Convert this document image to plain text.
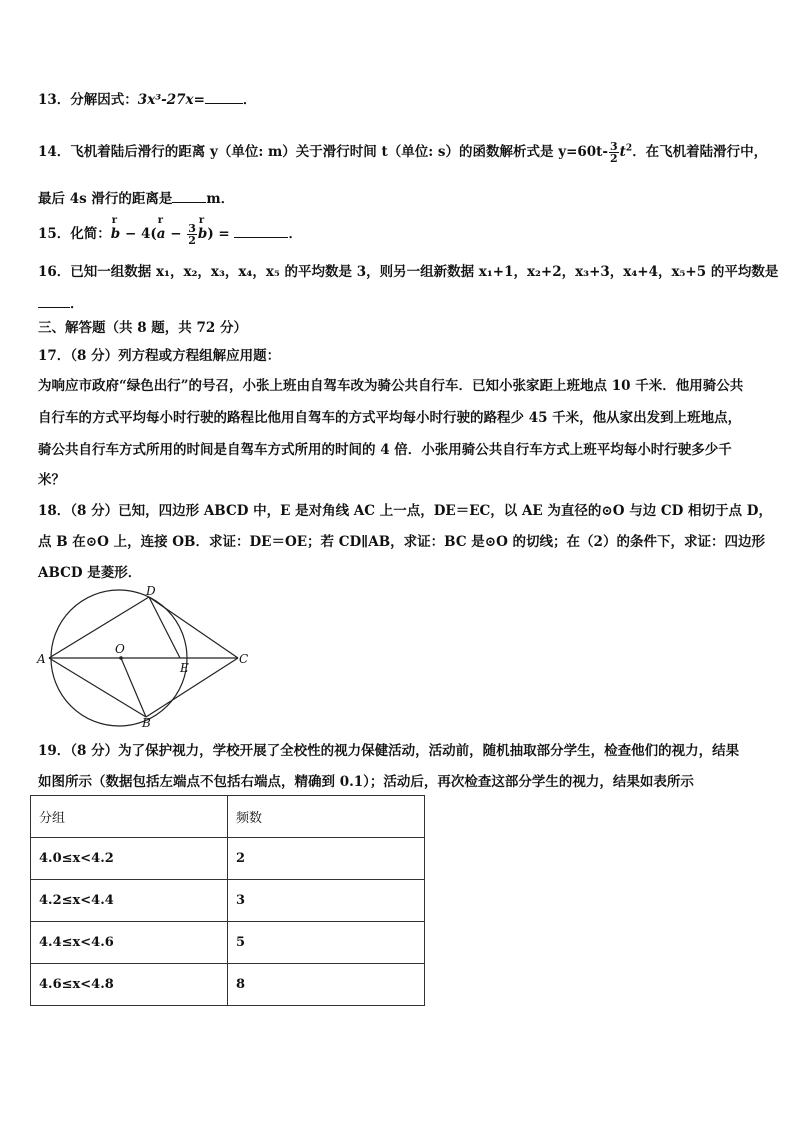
13．分解因式：3x³-27x=	．
14．飞机着陆后滑行的距离 y（单位: m）关于滑行时间 t（单位: s）的函数解析式是 $y=60t- \frac{3}{2} t^2$．在飞机着陆滑行中，
最后 4s 滑行的距离是	m．
15．化简：
r
b − 4(
r
$a - \frac{3}{2}$
r
b) =	．
16．已知一组数据 x₁，x₂，x₃，x₄，x₅ 的平均数是 3，则另一组新数据 x₁+1，x₂+2，x₃+3，x₄+4，x₅+5 的平均数是
．
三、解答题（共 8 题，共 72 分）
17．（8 分）列方程或方程组解应用题：
为响应市政府“绿色出行”的号召，小张上班由自驾车改为骑公共自行车．已知小张家距上班地点 10 千米．他用骑公共
自行车的方式平均每小时行驶的路程比他用自驾车的方式平均每小时行驶的路程少 45 千米，他从家出发到上班地点，
骑公共自行车方式所用的时间是自驾车方式所用的时间的 4 倍．小张用骑公共自行车方式上班平均每小时行驶多少千
米？
18．（8 分）已知，四边形 ABCD 中，E 是对角线 AC 上一点，DE＝EC，以 AE 为直径的⊙O 与边 CD 相切于点 D，
点 B 在⊙O 上，连接 OB．求证：DE＝OE；若 CD∥AB，求证：BC 是⊙O 的切线；在（2）的条件下，求证：四边形
ABCD 是菱形．
A
B
C
D
E
O
19．（8 分）为了保护视力，学校开展了全校性的视力保健活动，活动前，随机抽取部分学生，检查他们的视力，结果
如图所示（数据包括左端点不包括右端点，精确到 0.1）；活动后，再次检查这部分学生的视力，结果如表所示
分组	频数
4.0≤x<4.2	2
4.2≤x<4.4	3
4.4≤x<4.6	5
4.6≤x<4.8	8
